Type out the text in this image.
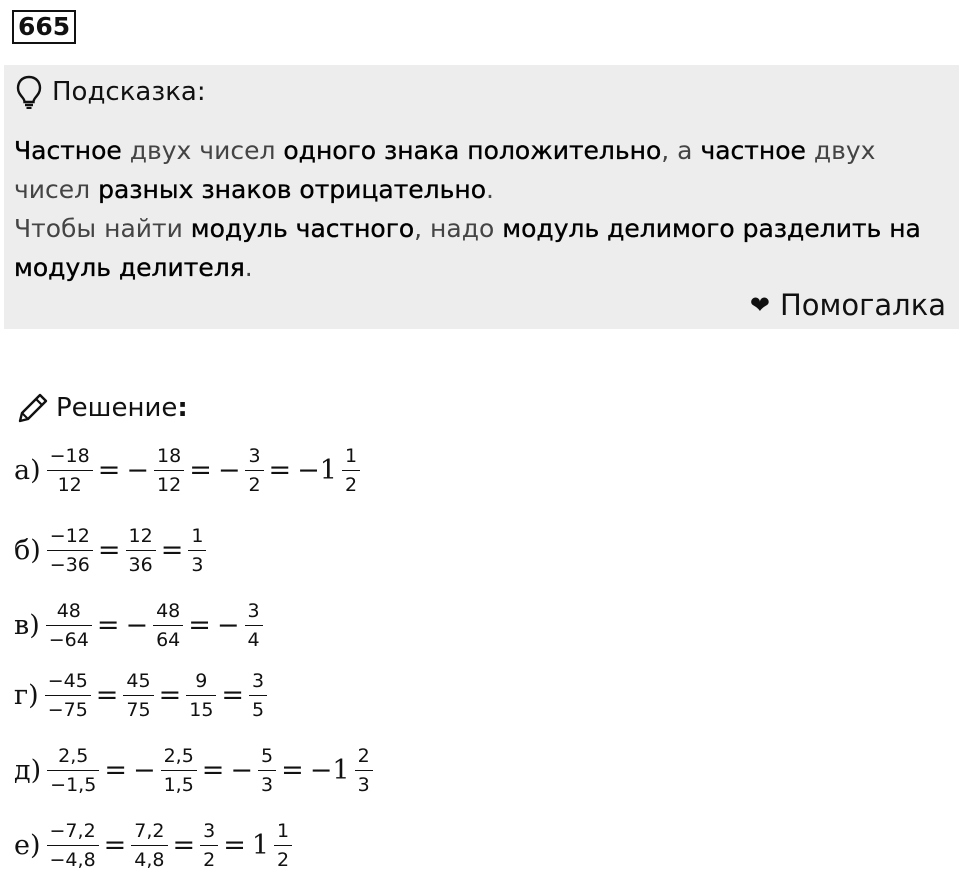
665
Подсказка:
Частное двух чисел одного знака положительно, а частное двух
чисел разных знаков отрицательно.
Чтобы найти модуль частного, надо модуль делимого разделить на
модуль делителя.
❤ Помогалка
Решение :
$а) \frac{-18}{12}$ = − $\frac{18}{12}$ = − $\frac{3}{2} = -1 \frac{1}{2}$
$б) \frac{-12}{-36} = \frac{12}{36} = \frac{1}{3}$
$в) \frac{48}{-64}$ = − $\frac{48}{64}$ = − $\frac{3}{4}$
$г) \frac{-45}{-75} = \frac{45}{75} = \frac{9}{15} = \frac{3}{5}$
$д) \frac{2,5}{-1,5}$ = − $\frac{2,5}{1,5}$ = − $\frac{5}{3} = -1 \frac{2}{3}$
$е) \frac{-7,2}{-4,8} = \frac{7,2}{4,8} = \frac{3}{2} = 1 \frac{1}{2}$
